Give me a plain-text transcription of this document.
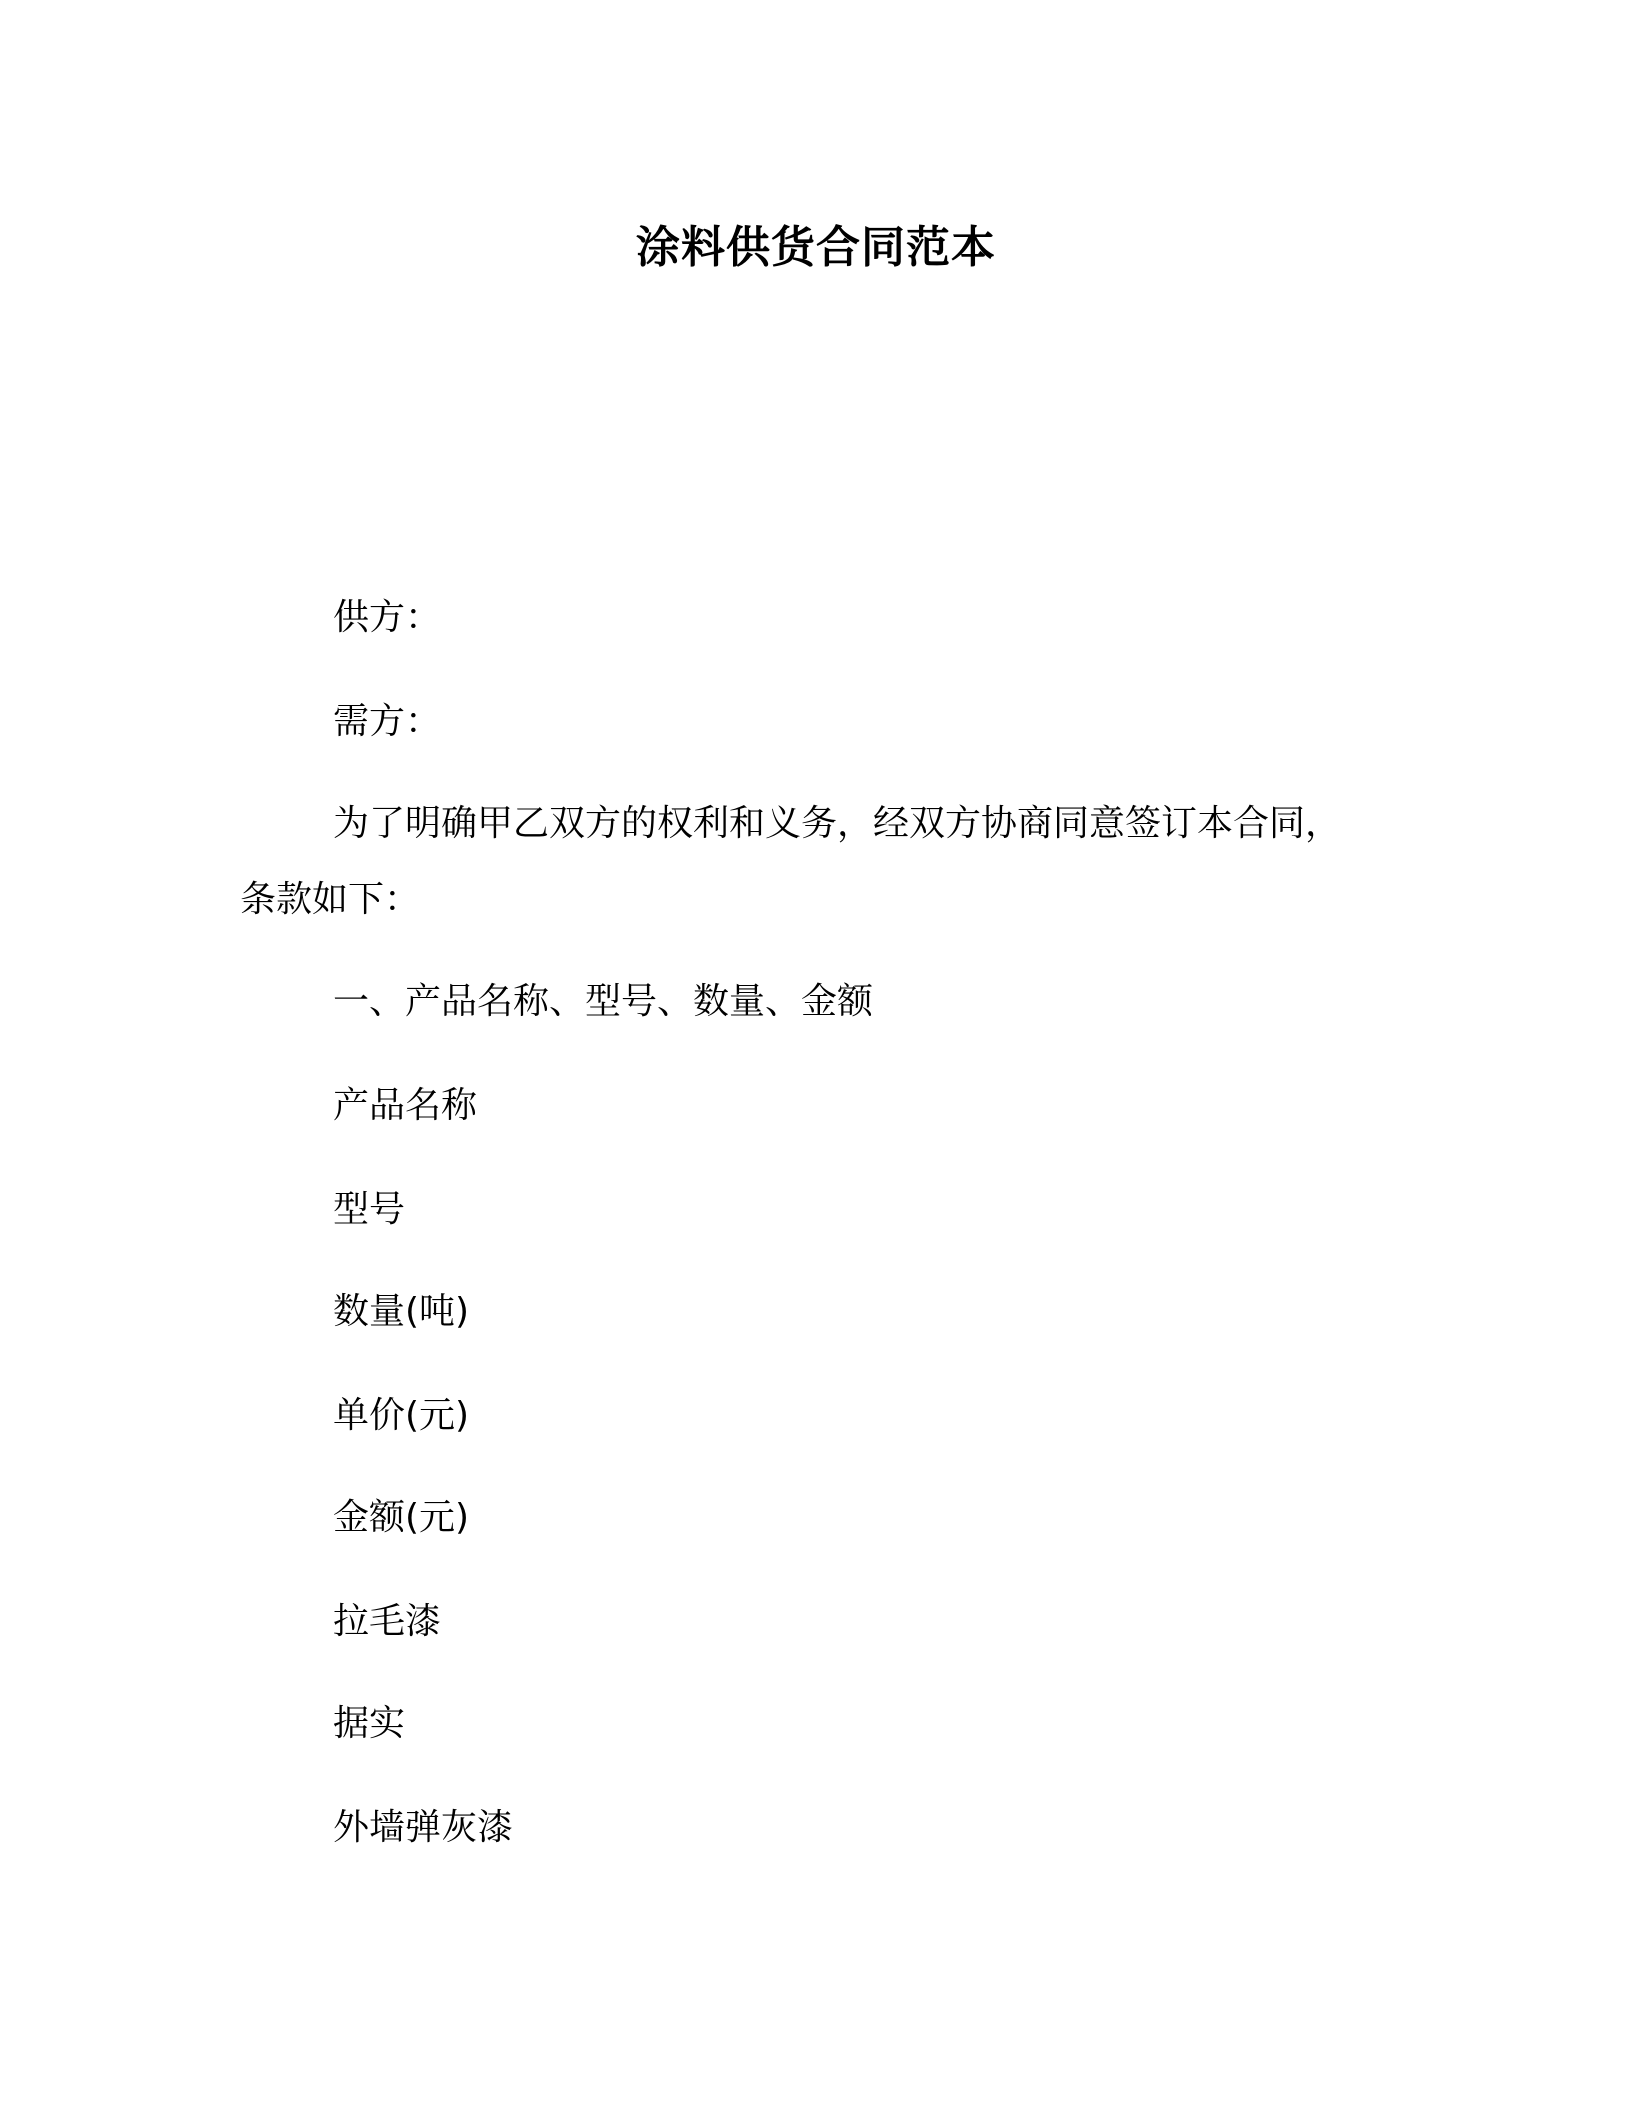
涂料供货合同范本
供方：
需方：
为了明确甲乙双方的权利和义务，经双方协商同意签订本合同，
条款如下：
一、产品名称、型号、数量、金额
产品名称
型号
数量(吨)
单价(元)
金额(元)
拉毛漆
据实
外墙弹灰漆
